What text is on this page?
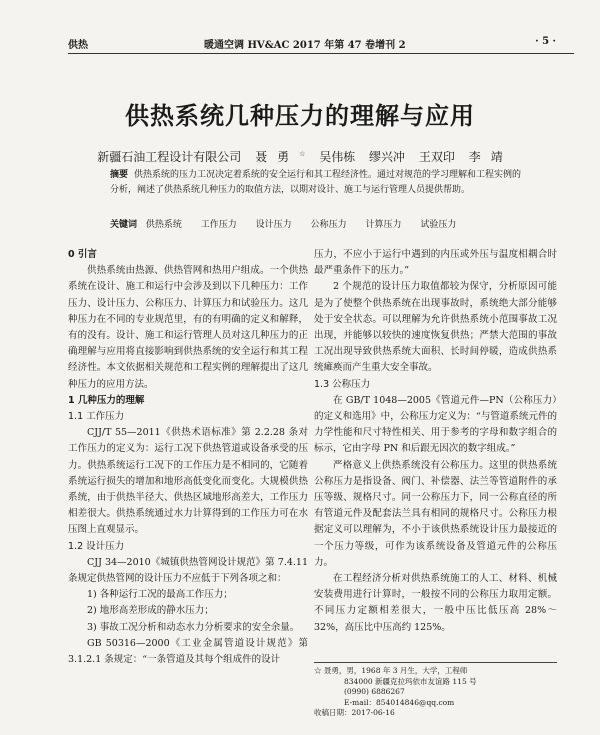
供热	暖通空调 HV&AC 2017 年第 47 卷增刊 2	· 5 ·
供热系统几种压力的理解与应用
新疆石油工程设计有限公司 聂 勇 ☆ 吴伟栋 缪兴冲 王双印 李 靖
摘要 供热系统的压力工况决定着系统的安全运行和其工程经济性。通过对规范的学习理解和工程实例的分析，阐述了供热系统几种压力的取值方法，以期对设计、施工与运行管理人员提供帮助。
关键词 供热系统 工作压力 设计压力 公称压力 计算压力 试验压力
0 引言

供热系统由热源、供热管网和热用户组成。一个供热系统在设计、施工和运行中会涉及到以下几种压力：工作压力、设计压力、公称压力、计算压力和试验压力。这几种压力在不同的专业规范里，有的有明确的定义和解释，有的没有。设计、施工和运行管理人员对这几种压力的正确理解与应用将直接影响到供热系统的安全运行和其工程经济性。本文依据相关规范和工程实例的理解提出了这几种压力的应用方法。

1 几种压力的理解
1.1 工作压力

CJJ/T 55—2011《供热术语标准》第 2.2.28 条对工作压力的定义为：运行工况下供热管道或设备承受的压力。供热系统运行工况下的工作压力是不相同的，它随着系统运行损失的增加和地形高低变化而变化。大规模供热系统，由于供热半径大、供热区域地形高差大，工作压力相差很大。供热系统通过水力计算得到的工作压力可在水压图上直观显示。

1.2 设计压力

CJJ 34—2010《城镇供热管网设计规范》第 7.4.11条规定供热管网的设计压力不应低于下列各项之和：

1) 各种运行工况的最高工作压力；

2) 地形高差形成的静水压力；

3) 事故工况分析和动态水力分析要求的安全余量。

GB 50316—2000《工业金属管道设计规范》第 3.1.2.1 条规定：“一条管道及其每个组成件的设计

压力，不应小于运行中遇到的内压或外压与温度相耦合时最严重条件下的压力。”

2 个规范的设计压力取值都较为保守，分析原因可能是为了使整个供热系统在出现事故时，系统绝大部分能够处于安全状态。可以理解为允许供热系统小范围事故工况出现，并能够以较快的速度恢复供热；严禁大范围的事故工况出现导致供热系统大面积、长时间停暖，造成供热系统瘫痪而产生重大安全事故。

1.3 公称压力

在 GB/T 1048—2005《管道元件—PN（公称压力）的定义和选用》中，公称压力定义为：“与管道系统元件的力学性能和尺寸特性相关、用于参考的字母和数字组合的标示，它由字母 PN 和后跟无因次的数字组成。”

严格意义上供热系统没有公称压力。这里的供热系统公称压力是指设备、阀门、补偿器、法兰等管道附件的承压等级、规格尺寸。同一公称压力下，同一公称直径的所有管道元件及配套法兰具有相同的规格尺寸。公称压力根据定义可以理解为，不小于该供热系统设计压力最接近的一个压力等级，可作为该系统设备及管道元件的公称压力。

在工程经济分析对供热系统施工的人工、材料、机械安装费用进行计算时，一般按不同的公称压力取用定额。不同压力定额相差很大，一般中压比低压高 28%～32%，高压比中压高约 125%。

☆ 聂勇，男，1968 年 3 月生，大学，工程师

834000 新疆克拉玛依市友谊路 115 号

(0990) 6886267

E-mail：854014846@qq.com

收稿日期：2017-06-16
